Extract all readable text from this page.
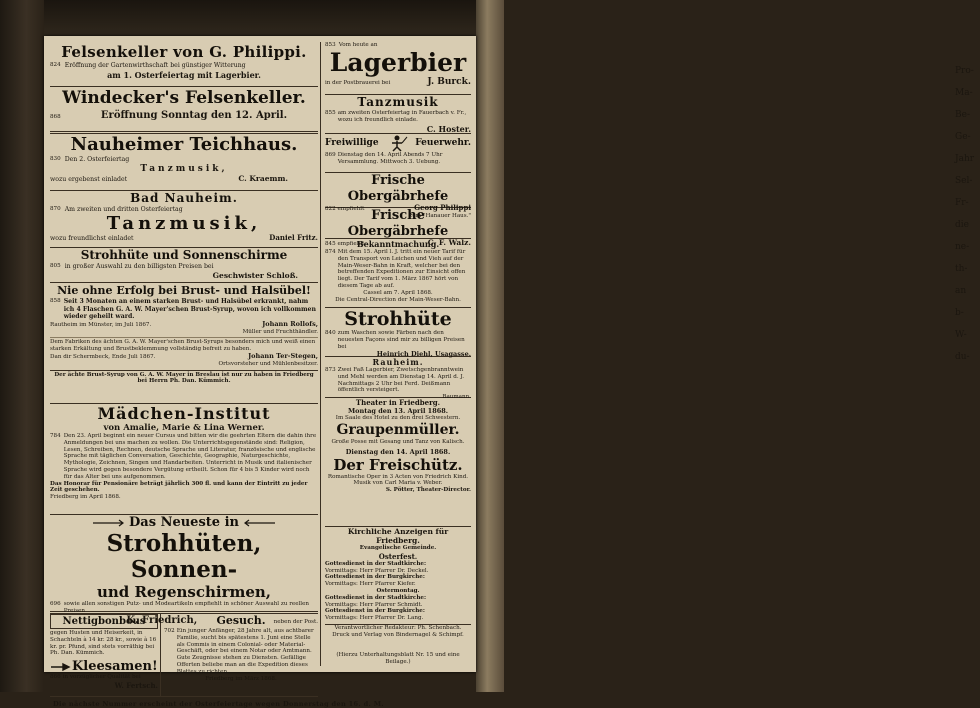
Pro-
Ma-
Be-
Ge-
Jahr
Sel-
Fr-
die
ne-
th-
an
b-
W-
du-
Felsenkeller von G. Philippi.
824 Eröffnung der Gartenwirthschaft bei günstiger Witterung
am 1. Osterfeiertag mit Lagerbier.
Windecker's Felsenkeller.
868	Eröffnung Sonntag den 12. April.
Nauheimer Teichhaus.
830 Den 2. Osterfeiertag
Tanzmusik,
wozu ergebenst einladet	C. Kraemm.
Bad Nauheim.
870 Am zweiten und dritten Osterfeiertag
Tanzmusik,
wozu freundlichst einladet	Daniel Fritz.
Strohhüte und Sonnenschirme
805 in großer Auswahl zu den billigsten Preisen bei
Geschwister Schloß.
Nie ohne Erfolg bei Brust- und Halsübel!
858 Seit 3 Monaten an einem starken Brust- und Halsübel erkrankt, nahm ich 4 Flaschen G. A. W. Mayer'schen Brust-Syrup, wovon ich vollkommen wieder geheilt ward.
Rautheim im Münster, im Juli 1867.	Johann Rollofs,
Müller und Fruchthändler.
Dem Fabriken des ächten G. A. W. Mayer'schen Brust-Syrups besonders mich und weiß einen starken Erkältung und Brustbeklemmung vollständig befreit zu haben.
Dan dir Schermbeck, Ende Juli 1867.	Johann Ter-Stegen,
Ortsvorsteher und Mühlenbesitzer.
Der ächte Brust-Syrup von G. A. W. Mayer in Breslau ist nur zu haben in Friedberg bei Herrn Ph. Dan. Kümmich.
Mädchen-Institut
von Amalie, Marie & Lina Werner.
784 Den 23. April beginnt ein neuer Cursus und bitten wir die geehrten Eltern die dahin ihre Anmeldungen bei uns machen zu wollen. Die Unterrichtsgegenstände sind: Religion, Lesen, Schreiben, Rechnen, deutsche Sprache und Literatur, französische und englische Sprache mit täglichen Conversation, Geschichte, Geographie, Naturgeschichte, Mythologie, Zeichnen, Singen und Handarbeiten. Unterricht in Musik und italienischer Sprache wird gegen besondere Vergütung ertheilt. Schon für 4 bis 5 Kinder wird noch für das Alter bei uns aufgenommen.
Das Honorar für Pensionäre beträgt jährlich 300 fl. und kann der Eintritt zu jeder Zeit geschehen.
Friedberg im April 1868.
Das Neueste in
Strohhüten, Sonnen-
und Regenschirmen,
696 sowie allen sonstigen Putz- und Modeartikeln empfiehlt in schöner Auswahl zu reellen Preisen
K. Friedrich,	neben der Post.
Nettigbonbous
gegen Husten und Heiserkeit, in Schachteln à 14 kr. 28 kr., sowie à 16 kr. pr. Pfund, sind stets vorräthig bei Ph. Dan. Kümmich.
Kleesamen!
866 in vorzüglicher Qualität bei
W. Fertsch.
Gesuch.
702 Ein junger Anfänger, 28 Jahre alt, aus achtbarer Familie, sucht bis spätestens 1. Juni eine Stelle als Commis in einem Colonial- oder Material-Geschäft, oder bei einem Notar oder Amtmann. Gute Zeugnisse stehen zu Diensten. Gefällige Offerten beliebe man an die Expedition dieses Blattes zu richten.
Friedberg im März 1868.
Die nächste Nummer erscheint der Osterfeiertage wegen Donnerstag den 16. d. M.
853 Vom heute an
Lagerbier
in der Postbrauerei bei	J. Burck.
Tanzmusik
855 am zweiten Osterfeiertag in Fauerbach v. Fr., wozu ich freundlich einlade.
C. Hoster.
Freiwillige	Feuerwehr.
869 Dienstag den 14. April Abends 7 Uhr Versammlung. Mittwoch 3. Uebung.
Frische Obergäbrhefe
822 empfiehlt	Georg Philippi
zum "Hanauer Haus."
Frische Obergäbrhefe
845 empfiehlt	C. F. Walz.
Bekanntmachung.
874 Mit dem 15. April l. J. tritt ein neuer Tarif für den Transport von Leichen und Vieh auf der Main-Weser-Bahn in Kraft, welcher bei den betreffenden Expeditionen zur Einsicht offen liegt. Der Tarif vom 1. März 1867 hört von diesem Tage ab auf.
Cassel am 7. April 1868.
Die Central-Direction der Main-Weser-Bahn.
Strohhüte
840 zum Waschen sowie Färben nach den neuesten Façons sind mir zu billigen Preisen bei
Heinrich Diehl, Usagasse.
Rauheim.
873 Zwei Faß Lagerbier, Zwetschgenbranntwein und Mehl werden am Dienstag 14. April d. J. Nachmittags 2 Uhr bei Ferd. Deißmann öffentlich versteigert.
Baumann.
Theater in Friedberg.
Montag den 13. April 1868.
Im Saale des Hotel zu den drei Schwestern.
Graupenmüller.
Große Posse mit Gesang und Tanz von Kalisch.
Dienstag den 14. April 1868.
Der Freischütz.
Romantische Oper in 3 Acten von Friedrich Kind. Musik von Carl Maria v. Weber.
S. Pötter, Theater-Director.
Kirchliche Anzeigen für Friedberg.
Evangelische Gemeinde.
Osterfest.
Gottesdienst in der Stadtkirche:
Vormittags: Herr Pfarrer Dr. Deckel.
Gottesdienst in der Burgkirche:
Vormittags: Herr Pfarrer Kiefer.
Ostermontag.
Gottesdienst in der Stadtkirche:
Vormittags: Herr Pfarrer Schmidt.
Gottesdienst in der Burgkirche:
Vormittags: Herr Pfarrer Dr. Lang.
Verantwortlicher Redakteur: Ph. Schenbach.
Druck und Verlag von Bindernagel & Schimpf.
(Hierzu Unterhaltungsblatt Nr. 15 und eine Beilage.)
